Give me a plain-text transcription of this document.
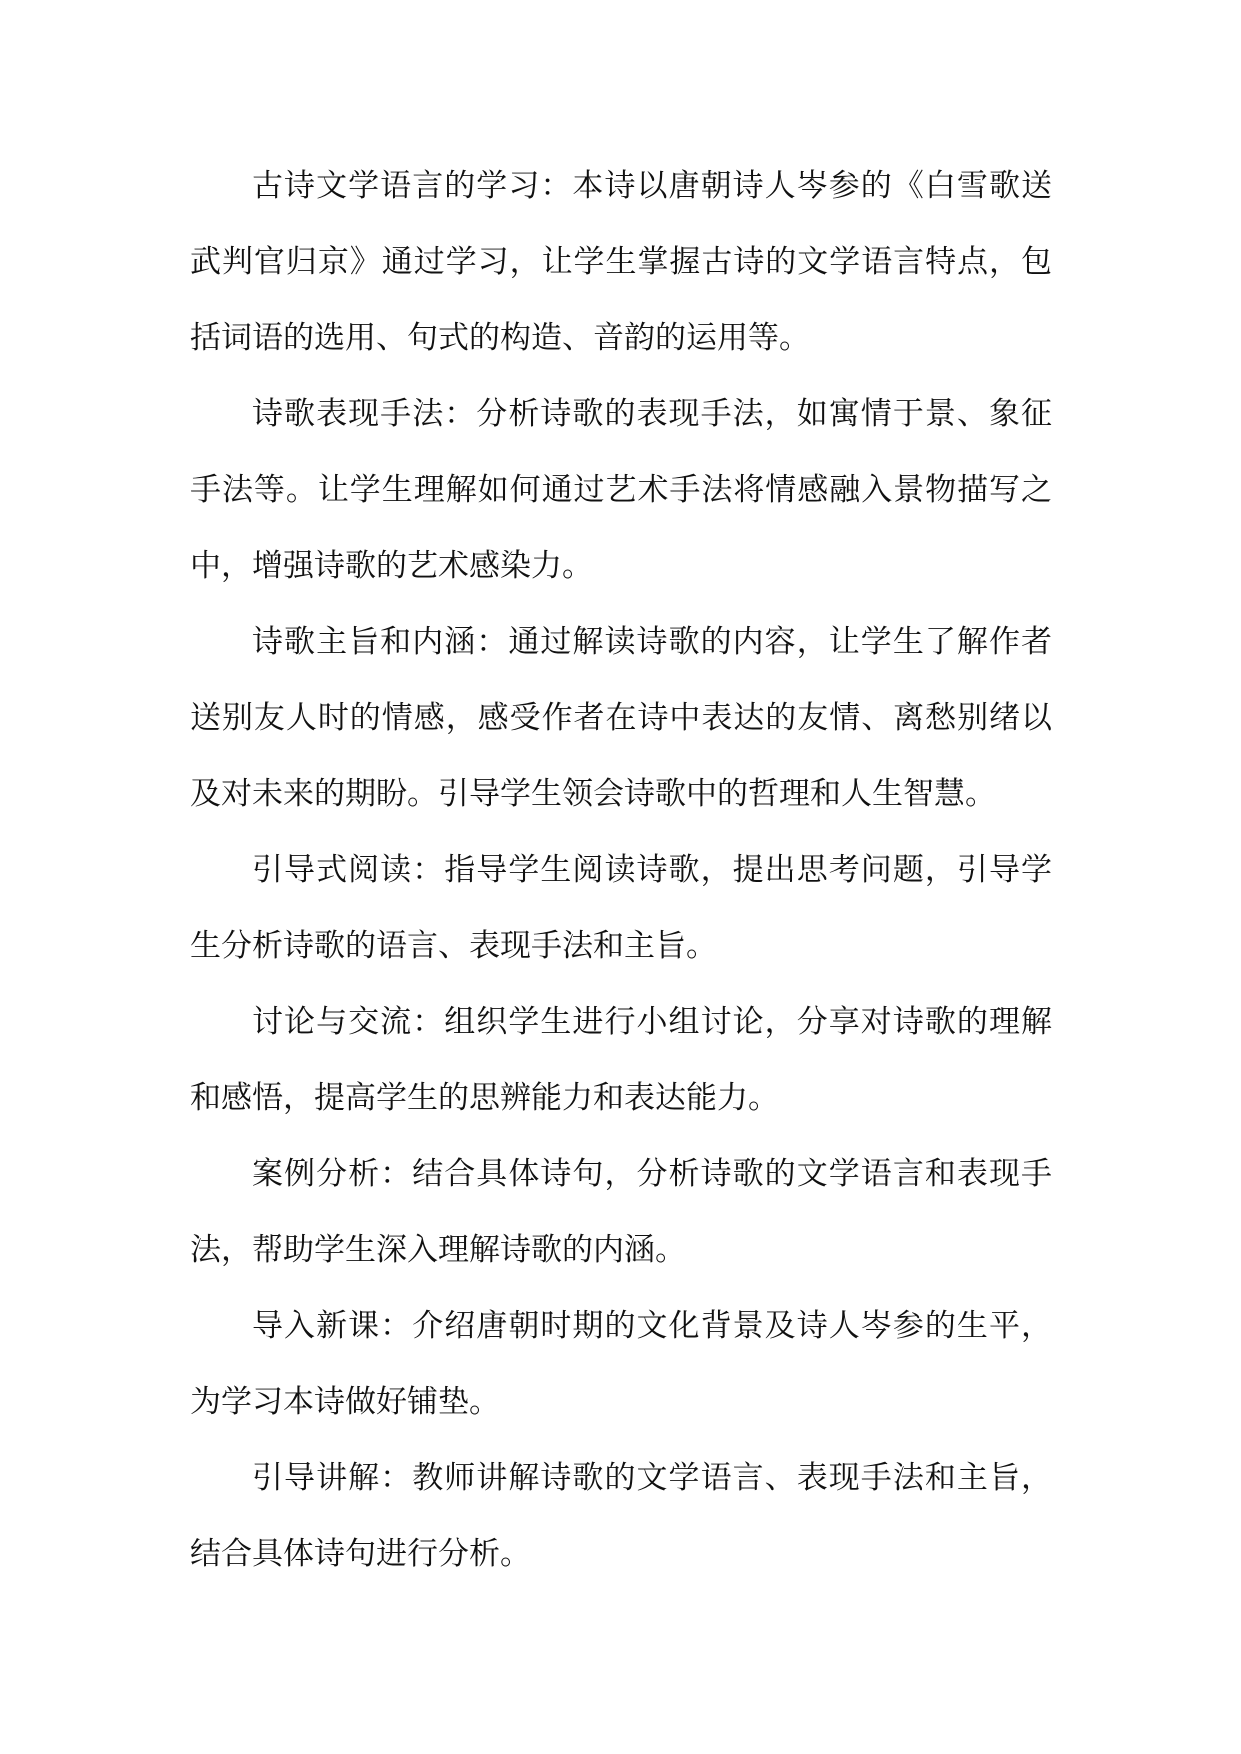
古诗文学语言的学习：本诗以唐朝诗人岑参的《白雪歌送武判官归京》通过学习，让学生掌握古诗的文学语言特点，包括词语的选用、句式的构造、音韵的运用等。

诗歌表现手法：分析诗歌的表现手法，如寓情于景、象征手法等。让学生理解如何通过艺术手法将情感融入景物描写之中，增强诗歌的艺术感染力。

诗歌主旨和内涵：通过解读诗歌的内容，让学生了解作者送别友人时的情感，感受作者在诗中表达的友情、离愁别绪以及对未来的期盼。引导学生领会诗歌中的哲理和人生智慧。

引导式阅读：指导学生阅读诗歌，提出思考问题，引导学生分析诗歌的语言、表现手法和主旨。

讨论与交流：组织学生进行小组讨论，分享对诗歌的理解和感悟，提高学生的思辨能力和表达能力。

案例分析：结合具体诗句，分析诗歌的文学语言和表现手法，帮助学生深入理解诗歌的内涵。

导入新课：介绍唐朝时期的文化背景及诗人岑参的生平，为学习本诗做好铺垫。

引导讲解：教师讲解诗歌的文学语言、表现手法和主旨，结合具体诗句进行分析。
